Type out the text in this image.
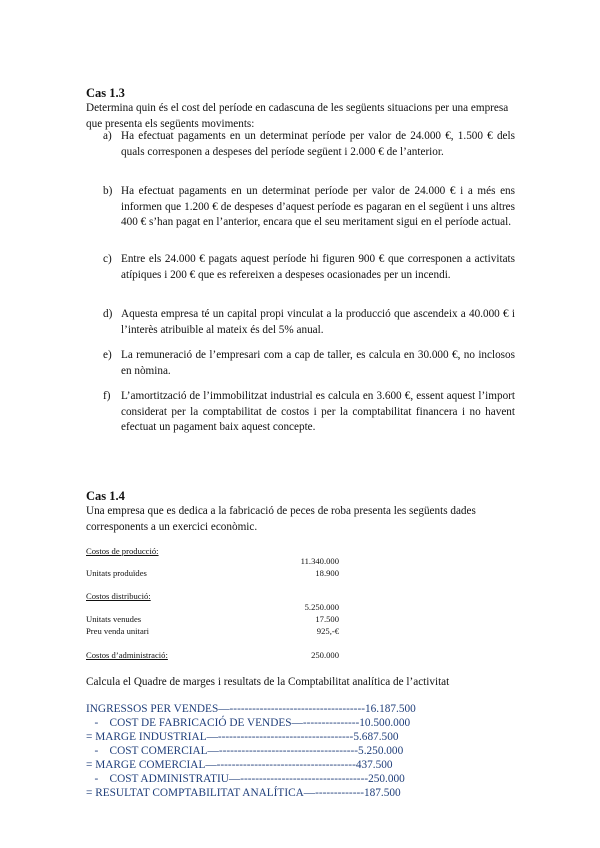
Cas 1.3
Determina quin és el cost del període en cadascuna de les següents situacions per una empresa que presenta els següents moviments:
a) Ha efectuat pagaments en un determinat període per valor de 24.000 €, 1.500 € dels quals corresponen a despeses del període següent i 2.000 € de l’anterior.
b) Ha efectuat pagaments en un determinat període per valor de 24.000 € i a més ens informen que 1.200 € de despeses d’aquest període es pagaran en el següent i uns altres 400 € s’han pagat en l’anterior, encara que el seu meritament sigui en el període actual.
c) Entre els 24.000 € pagats aquest període hi figuren 900 € que corresponen a activitats atípiques i 200 € que es refereixen a despeses ocasionades per un incendi.
d) Aquesta empresa té un capital propi vinculat a la producció que ascendeix a 40.000 € i l’interès atribuible al mateix és del 5% anual.
e) La remuneració de l’empresari com a cap de taller, es calcula en 30.000 €, no inclosos en nòmina.
f) L’amortització de l’immobilitzat industrial es calcula en 3.600 €, essent aquest l’import considerat per la comptabilitat de costos i per la comptabilitat financera i no havent efectuat un pagament baix aquest concepte.
Cas 1.4
Una empresa que es dedica a la fabricació de peces de roba presenta les següents dades corresponents a un exercici econòmic.
Costos de producció:
11.340.000
Unitats produïdes	18.900
Costos distribució:
5.250.000
Unitats venudes	17.500
Preu venda unitari	925,-€
Costos d’administració:	250.000
Calcula el Quadre de marges i resultats de la Comptabilitat analítica de l’activitat
INGRESSOS PER VENDES—------------------------------------16.187.500
-    COST DE FABRICACIÓ DE VENDES—---------------10.500.000
= MARGE INDUSTRIAL—------------------------------------5.687.500
-    COST COMERCIAL—-------------------------------------5.250.000
= MARGE COMERCIAL—-------------------------------------437.500
-    COST ADMINISTRATIU—----------------------------------250.000
= RESULTAT COMPTABILITAT ANALÍTICA—-------------187.500
